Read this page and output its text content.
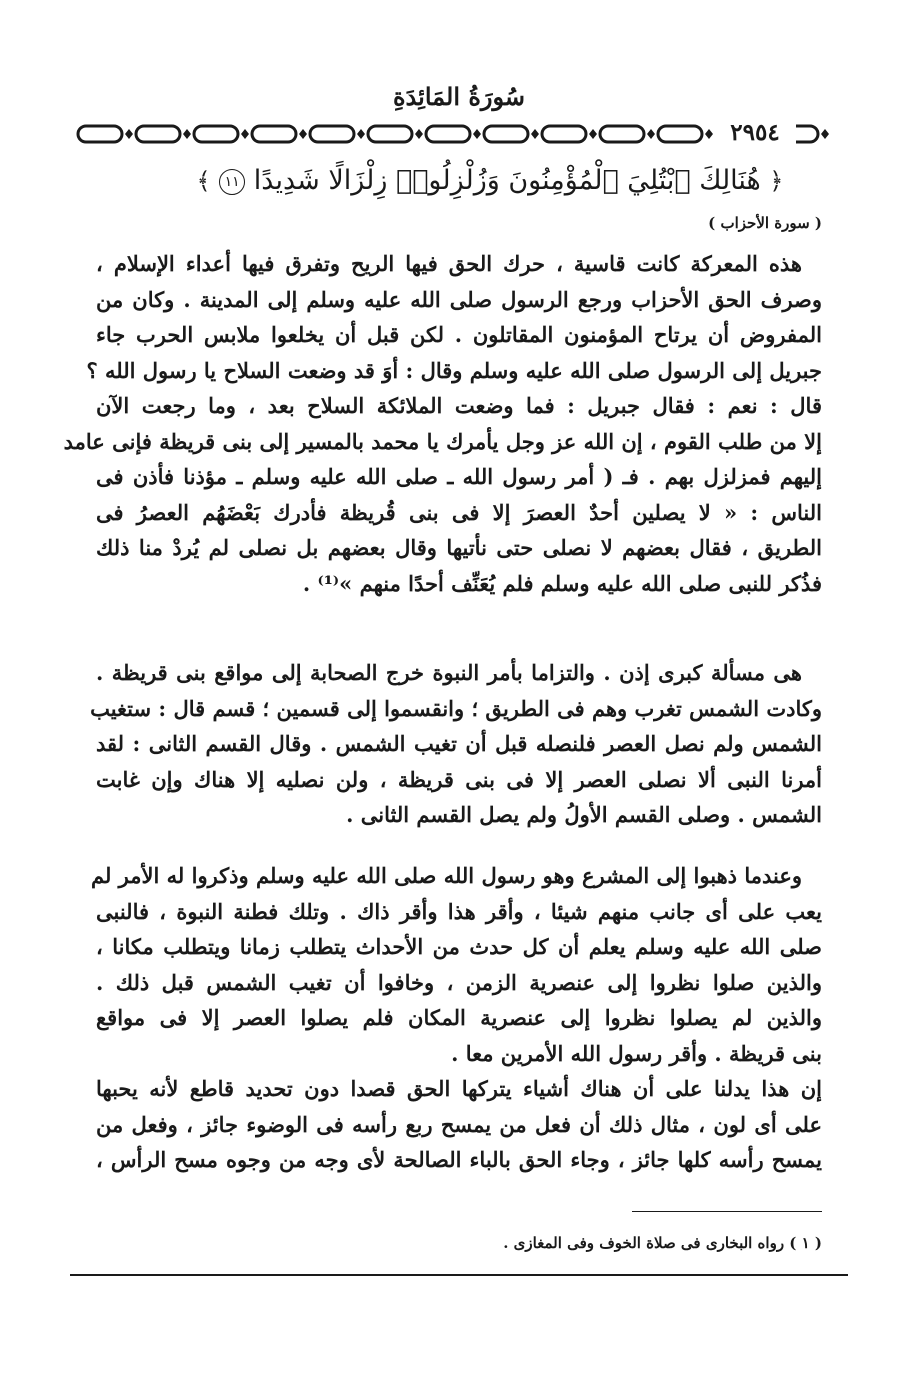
سُورَةُ المَائِدَةِ
٢٩٥٤
﴿ هُنَالِكَ ٱبْتُلِيَ ٱلْمُؤْمِنُونَ وَزُلْزِلُوا۟ زِلْزَالًا شَدِيدًا ١١ ﴾
( سورة الأحزاب )
هذه المعركة كانت قاسية ، حرك الحق فيها الريح وتفرق فيها أعداء الإسلام ،
وصرف الحق الأحزاب ورجع الرسول صلى الله عليه وسلم إلى المدينة . وكان من
المفروض أن يرتاح المؤمنون المقاتلون . لكن قبل أن يخلعوا ملابس الحرب جاء
جبريل إلى الرسول صلى الله عليه وسلم وقال : أوَ قد وضعت السلاح يا رسول الله ؟
قال : نعم : فقال جبريل : فما وضعت الملائكة السلاح بعد ، وما رجعت الآن
إلا من طلب القوم ، إن الله عز وجل يأمرك يا محمد بالمسير إلى بنى قريظة فإنى عامد
إليهم فمزلزل بهم . فـ ( أمر رسول الله ـ صلى الله عليه وسلم ـ مؤذنا فأذن فى
الناس : « لا يصلين أحدٌ العصرَ إلا فى بنى قُريظة فأدرك بَعْضَهُم العصرُ فى
الطريق ، فقال بعضهم لا نصلى حتى نأتيها وقال بعضهم بل نصلى لم يُردْ منا ذلك
فذُكر للنبى صلى الله عليه وسلم فلم يُعَنِّف أحدًا منهم »⁽¹⁾ .
هى مسألة كبرى إذن . والتزاما بأمر النبوة خرج الصحابة إلى مواقع بنى قريظة .
وكادت الشمس تغرب وهم فى الطريق ؛ وانقسموا إلى قسمين ؛ قسم قال : ستغيب
الشمس ولم نصل العصر فلنصله قبل أن تغيب الشمس . وقال القسم الثانى : لقد
أمرنا النبى ألا نصلى العصر إلا فى بنى قريظة ، ولن نصليه إلا هناك وإن غابت
الشمس . وصلى القسم الأولُ ولم يصل القسم الثانى .
وعندما ذهبوا إلى المشرع وهو رسول الله صلى الله عليه وسلم وذكروا له الأمر لم
يعب على أى جانب منهم شيئا ، وأقر هذا وأقر ذاك . وتلك فطنة النبوة ، فالنبى
صلى الله عليه وسلم يعلم أن كل حدث من الأحداث يتطلب زمانا ويتطلب مكانا ،
والذين صلوا نظروا إلى عنصرية الزمن ، وخافوا أن تغيب الشمس قبل ذلك .
والذين لم يصلوا نظروا إلى عنصرية المكان فلم يصلوا العصر إلا فى مواقع
بنى قريظة . وأقر رسول الله الأمرين معا .
إن هذا يدلنا على أن هناك أشياء يتركها الحق قصدا دون تحديد قاطع لأنه يحبها
على أى لون ، مثال ذلك أن فعل من يمسح ربع رأسه فى الوضوء جائز ، وفعل من
يمسح رأسه كلها جائز ، وجاء الحق بالباء الصالحة لأى وجه من وجوه مسح الرأس ،
( ١ ) رواه البخارى فى صلاة الخوف وفى المغازى .
